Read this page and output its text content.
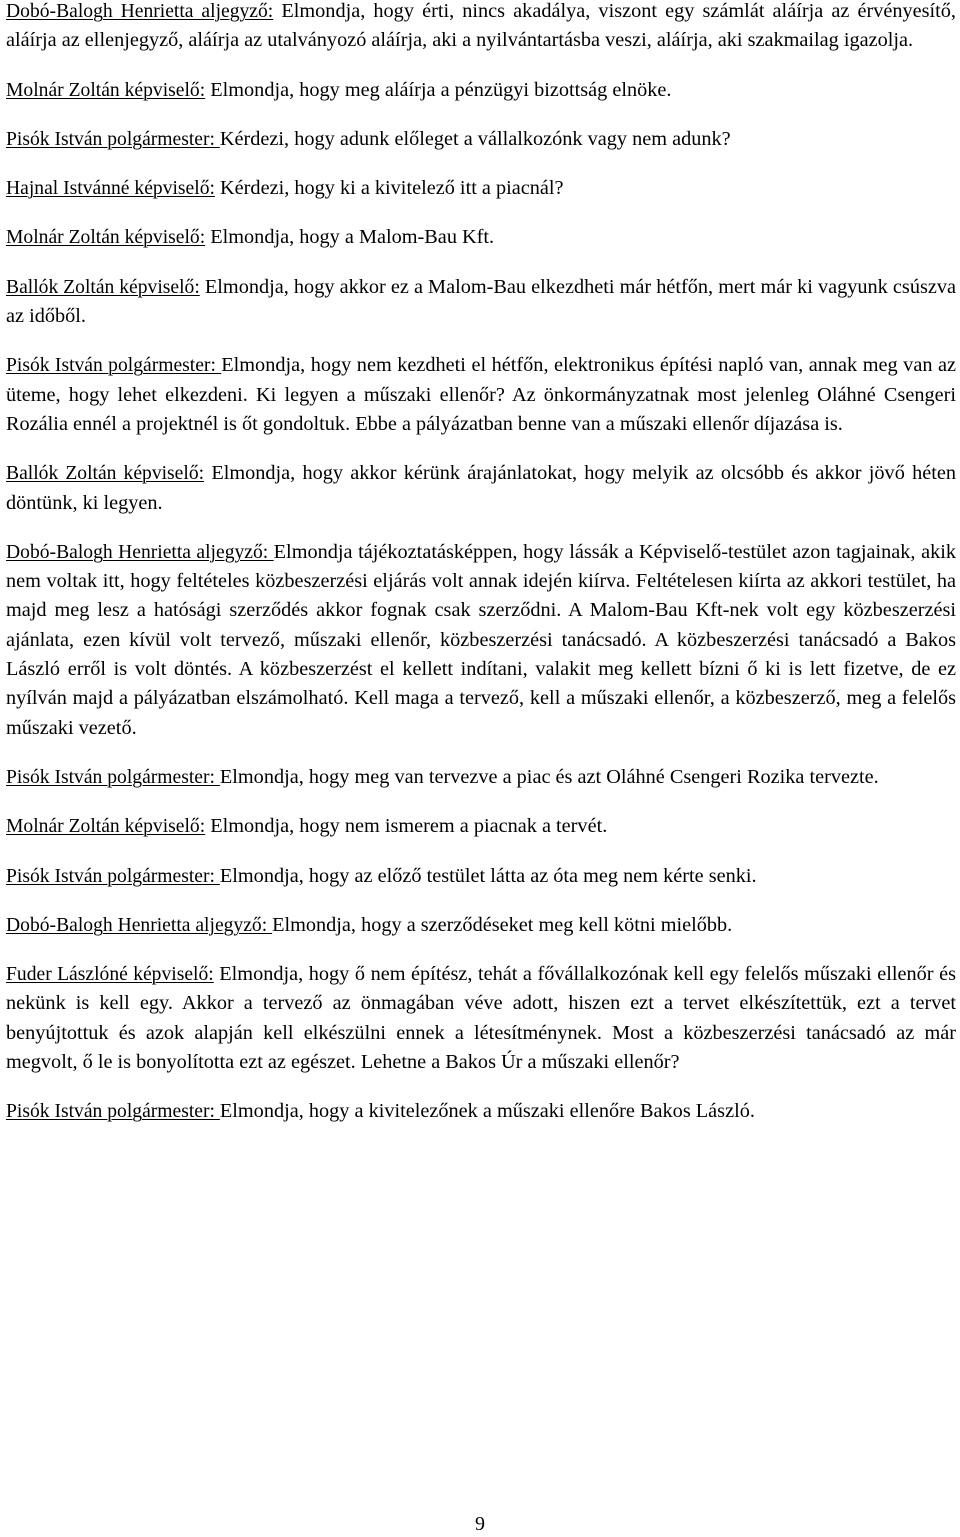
Dobó-Balogh Henrietta aljegyző: Elmondja, hogy érti, nincs akadálya, viszont egy számlát aláírja az érvényesítő, aláírja az ellenjegyző, aláírja az utalványozó aláírja, aki a nyilvántartásba veszi, aláírja, aki szakmailag igazolja.

Molnár Zoltán képviselő: Elmondja, hogy meg aláírja a pénzügyi bizottság elnöke.

Pisók István polgármester: Kérdezi, hogy adunk előleget a vállalkozónk vagy nem adunk?

Hajnal Istvánné képviselő: Kérdezi, hogy ki a kivitelező itt a piacnál?

Molnár Zoltán képviselő: Elmondja, hogy a Malom-Bau Kft.

Ballók Zoltán képviselő: Elmondja, hogy akkor ez a Malom-Bau elkezdheti már hétfőn, mert már ki vagyunk csúszva az időből.

Pisók István polgármester: Elmondja, hogy nem kezdheti el hétfőn, elektronikus építési napló van, annak meg van az üteme, hogy lehet elkezdeni. Ki legyen a műszaki ellenőr? Az önkormányzatnak most jelenleg Oláhné Csengeri Rozália ennél a projektnél is őt gondoltuk. Ebbe a pályázatban benne van a műszaki ellenőr díjazása is.

Ballók Zoltán képviselő: Elmondja, hogy akkor kérünk árajánlatokat, hogy melyik az olcsóbb és akkor jövő héten döntünk, ki legyen.

Dobó-Balogh Henrietta aljegyző: Elmondja tájékoztatásképpen, hogy lássák a Képviselő-testület azon tagjainak, akik nem voltak itt, hogy feltételes közbeszerzési eljárás volt annak idején kiírva. Feltételesen kiírta az akkori testület, ha majd meg lesz a hatósági szerződés akkor fognak csak szerződni. A Malom-Bau Kft-nek volt egy közbeszerzési ajánlata, ezen kívül volt tervező, műszaki ellenőr, közbeszerzési tanácsadó. A közbeszerzési tanácsadó a Bakos László erről is volt döntés. A közbeszerzést el kellett indítani, valakit meg kellett bízni ő ki is lett fizetve, de ez nyílván majd a pályázatban elszámolható. Kell maga a tervező, kell a műszaki ellenőr, a közbeszerző, meg a felelős műszaki vezető.

Pisók István polgármester: Elmondja, hogy meg van tervezve a piac és azt Oláhné Csengeri Rozika tervezte.

Molnár Zoltán képviselő: Elmondja, hogy nem ismerem a piacnak a tervét.

Pisók István polgármester: Elmondja, hogy az előző testület látta az óta meg nem kérte senki.

Dobó-Balogh Henrietta aljegyző: Elmondja, hogy a szerződéseket meg kell kötni mielőbb.

Fuder Lászlóné képviselő: Elmondja, hogy ő nem építész, tehát a fővállalkozónak kell egy felelős műszaki ellenőr és nekünk is kell egy. Akkor a tervező az önmagában véve adott, hiszen ezt a tervet elkészítettük, ezt a tervet benyújtottuk és azok alapján kell elkészülni ennek a létesítménynek. Most a közbeszerzési tanácsadó az már megvolt, ő le is bonyolította ezt az egészet. Lehetne a Bakos Úr a műszaki ellenőr?

Pisók István polgármester: Elmondja, hogy a kivitelezőnek a műszaki ellenőre Bakos László.

9
